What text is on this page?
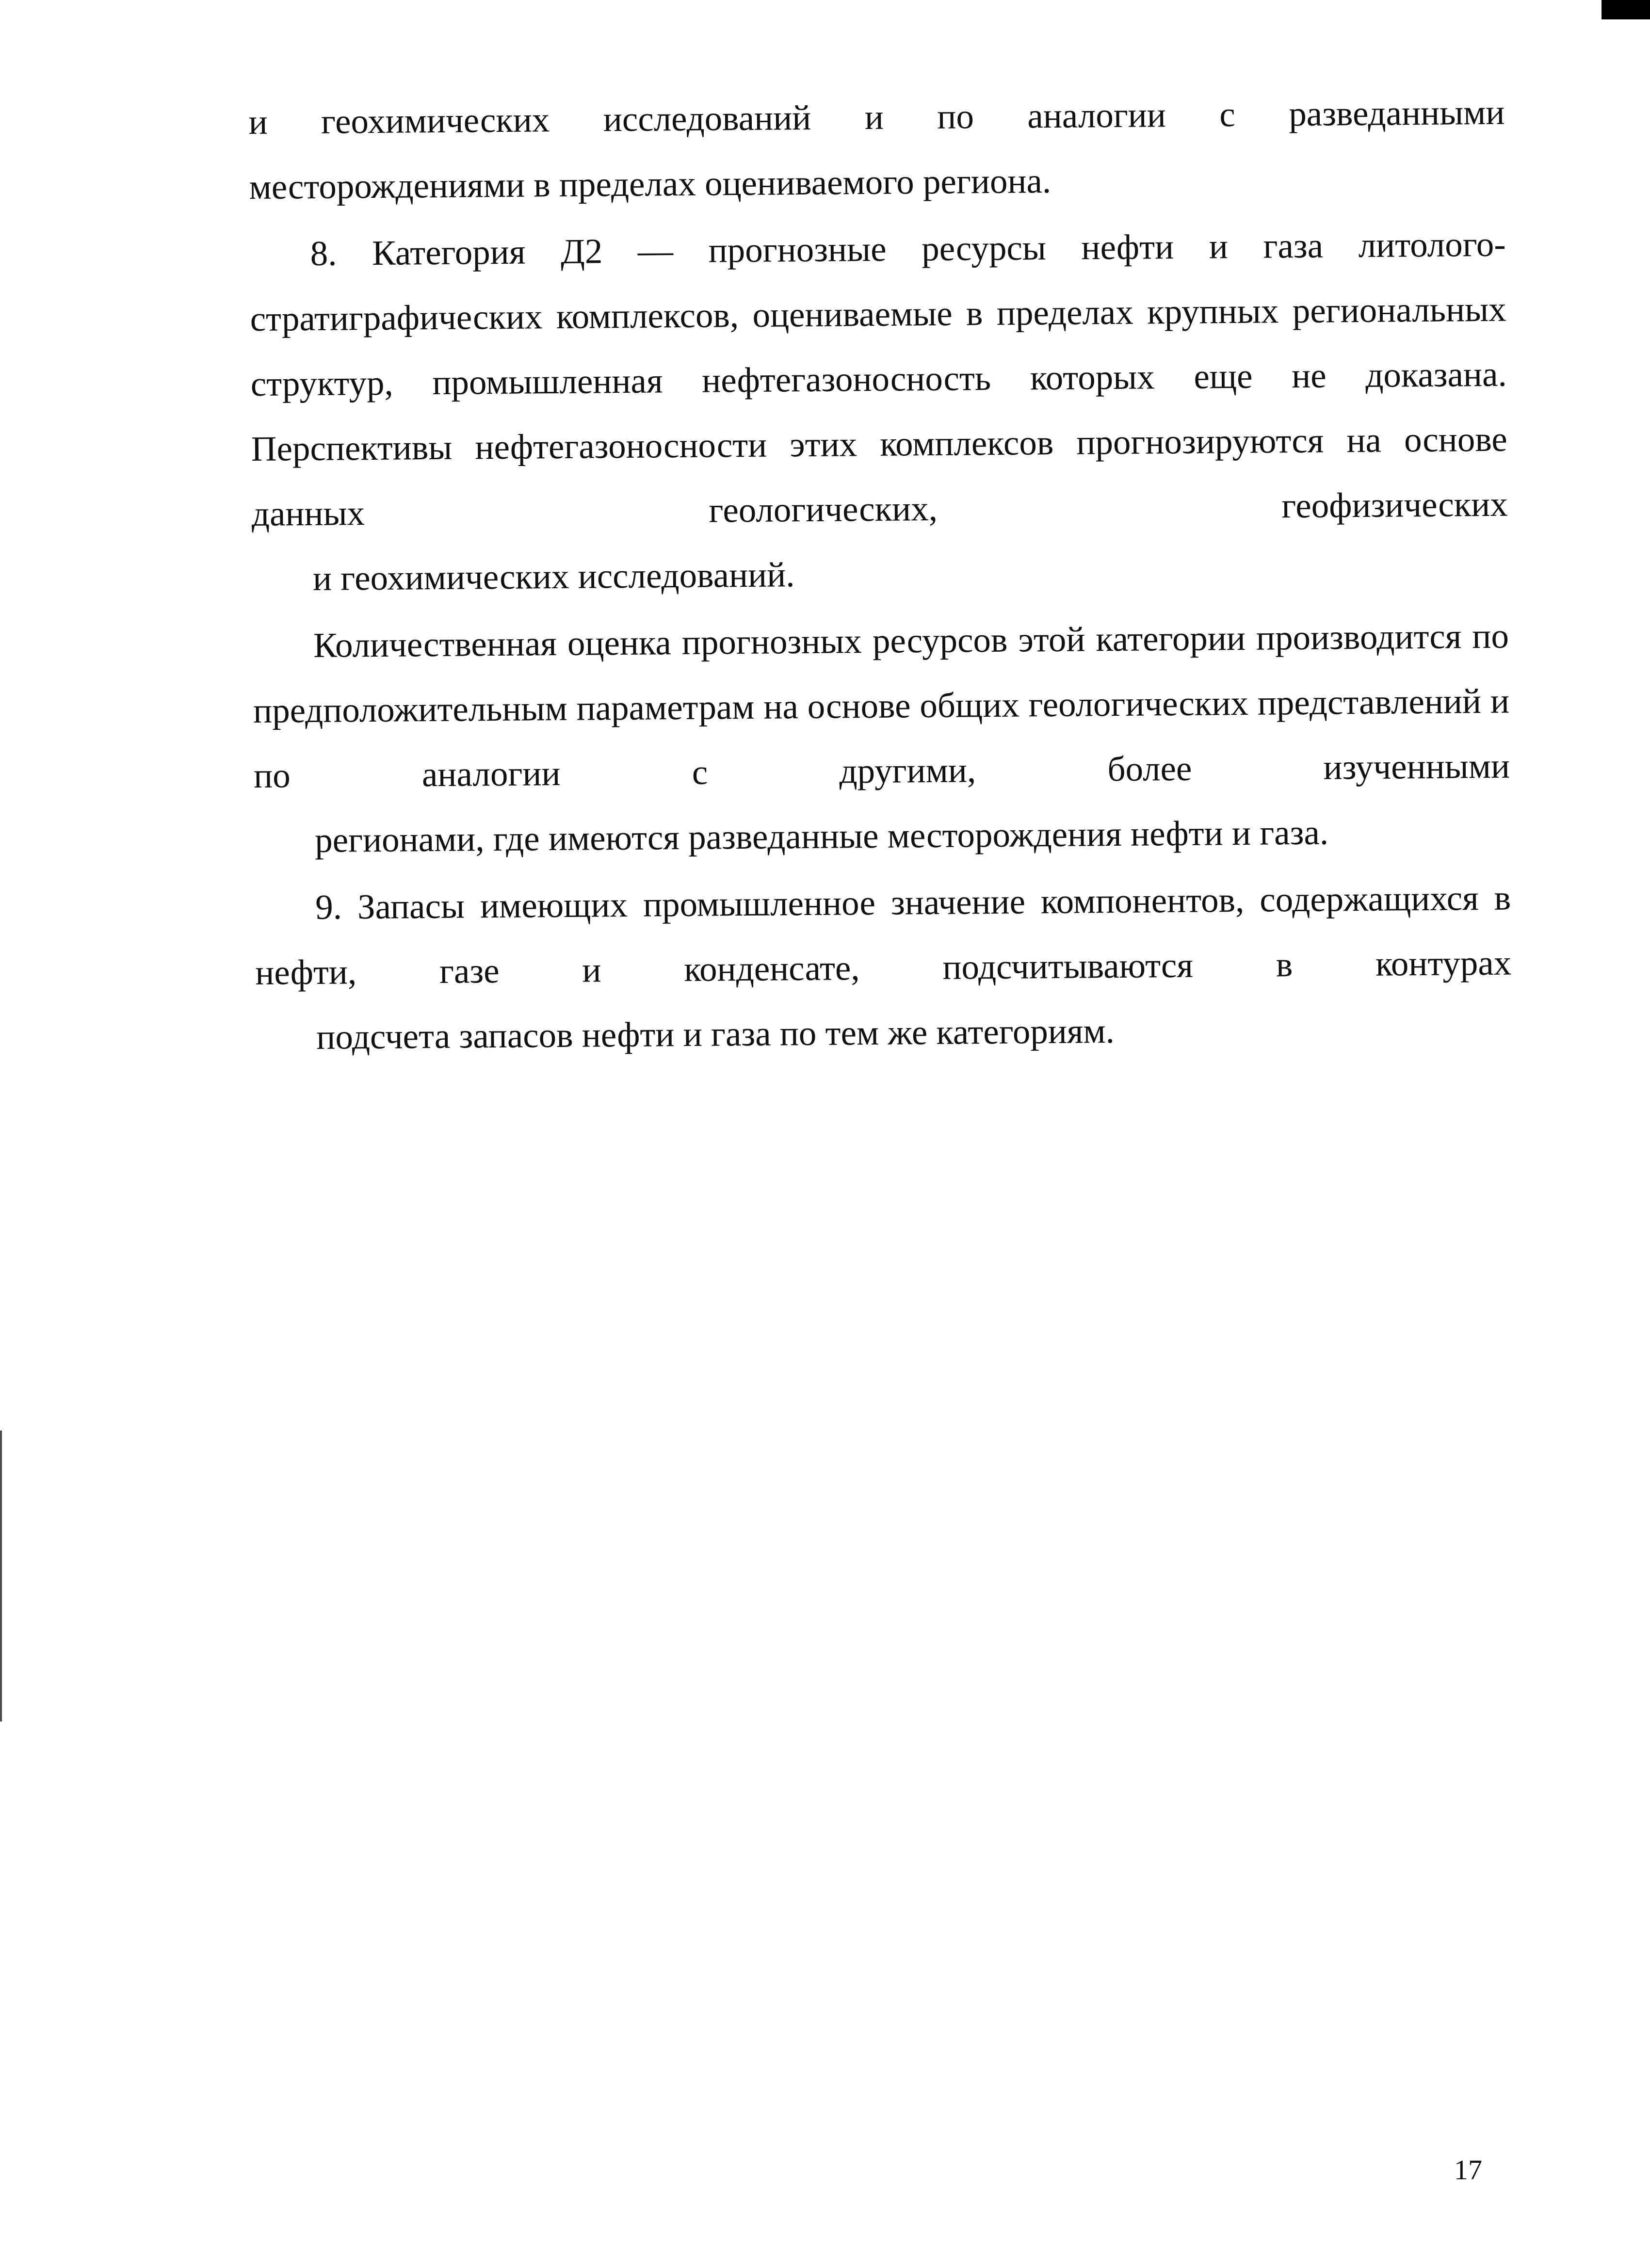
и геохимических исследований и по аналогии с разведанными
месторождениями в пределах оцениваемого региона.

8. Категория Д2 — прогнозные ресурсы нефти и газа литолого-стратиграфических комплексов, оцениваемые в пределах крупных региональных структур, промышленная нефтегазоносность которых еще не доказана. Перспективы нефтегазоносности этих комплексов прогнозируются на основе данных геологических, геофизических
и геохимических исследований.

Количественная оценка прогнозных ресурсов этой категории производится по предположительным параметрам на основе общих геологических представлений и по аналогии с другими, более изученными
регионами, где имеются разведанные месторождения нефти и газа.

9. Запасы имеющих промышленное значение компонентов, содержащихся в нефти, газе и конденсате, подсчитываются в контурах
подсчета запасов нефти и газа по тем же категориям.

17
